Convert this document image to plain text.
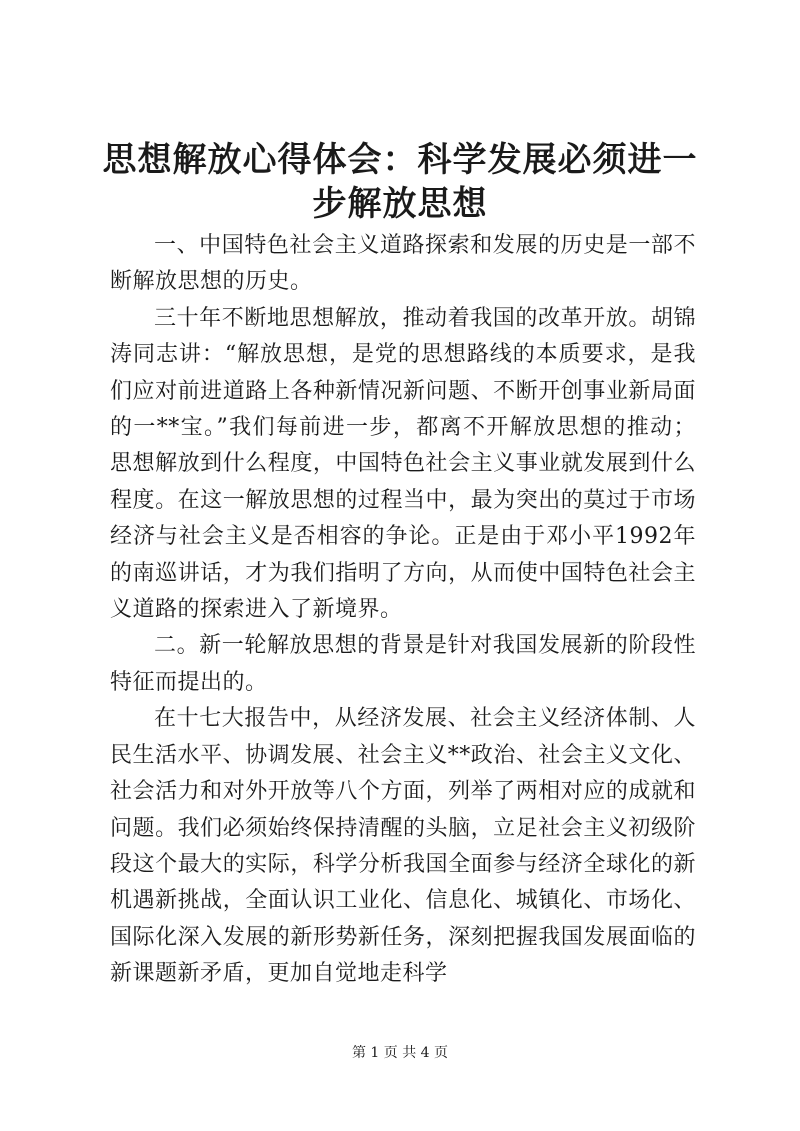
思想解放心得体会：科学发展必须进一步解放思想

一、中国特色社会主义道路探索和发展的历史是一部不断解放思想的历史。

三十年不断地思想解放，推动着我国的改革开放。胡锦涛同志讲：“解放思想，是党的思想路线的本质要求，是我们应对前进道路上各种新情况新问题、不断开创事业新局面的一**宝。”我们每前进一步，都离不开解放思想的推动；思想解放到什么程度，中国特色社会主义事业就发展到什么程度。在这一解放思想的过程当中，最为突出的莫过于市场经济与社会主义是否相容的争论。正是由于邓小平1992年的南巡讲话，才为我们指明了方向，从而使中国特色社会主义道路的探索进入了新境界。

二。新一轮解放思想的背景是针对我国发展新的阶段性特征而提出的。

在十七大报告中，从经济发展、社会主义经济体制、人民生活水平、协调发展、社会主义**政治、社会主义文化、社会活力和对外开放等八个方面，列举了两相对应的成就和问题。我们必须始终保持清醒的头脑，立足社会主义初级阶段这个最大的实际，科学分析我国全面参与经济全球化的新机遇新挑战，全面认识工业化、信息化、城镇化、市场化、国际化深入发展的新形势新任务，深刻把握我国发展面临的新课题新矛盾，更加自觉地走科学

第 1 页 共 4 页
